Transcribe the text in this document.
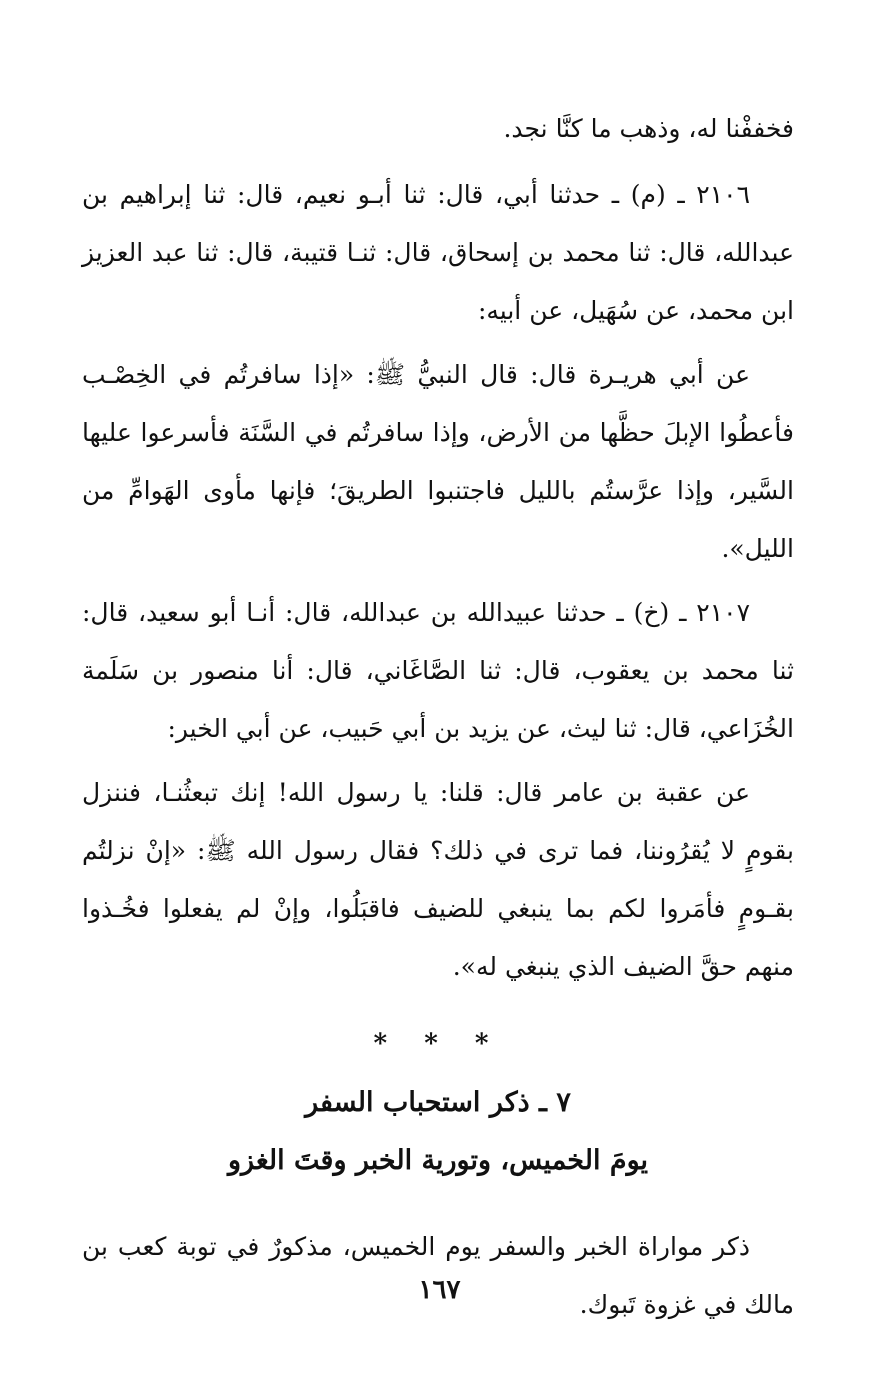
فخففْنا له، وذهب ما كنَّا نجد.

٢١٠٦ ـ (م) ـ حدثنا أبي، قال: ثنا أبـو نعيم، قال: ثنا إبراهيم بن عبدالله، قال: ثنا محمد بن إسحاق، قال: ثنـا قتيبة، قال: ثنا عبد العزيز ابن محمد، عن سُهَيل، عن أبيه:

عن أبي هريـرة قال: قال النبيُّ ﷺ: «إذا سافرتُم في الخِصْـب فأعطُوا الإبلَ حظَّها من الأرض، وإذا سافرتُم في السَّنَة فأسرعوا عليها السَّير، وإذا عرَّستُم بالليل فاجتنبوا الطريقَ؛ فإنها مأوى الهَوامِّ من الليل».

٢١٠٧ ـ (خ) ـ حدثنا عبيدالله بن عبدالله، قال: أنـا أبو سعيد، قال: ثنا محمد بن يعقوب، قال: ثنا الصَّاغَاني، قال: أنا منصور بن سَلَمة الخُزَاعي، قال: ثنا ليث، عن يزيد بن أبي حَبيب، عن أبي الخير:

عن عقبة بن عامر قال: قلنا: يا رسول الله! إنك تبعثُنـا، فننزل بقومٍ لا يُقرُوننا، فما ترى في ذلك؟ فقال رسول الله ﷺ: «إنْ نزلتُم بقـومٍ فأمَروا لكم بما ينبغي للضيف فاقبَلُوا، وإنْ لم يفعلوا فخُـذوا منهم حقَّ الضيف الذي ينبغي له».

* * *
٧ ـ ذكر استحباب السفر
يومَ الخميس، وتورية الخبر وقتَ الغزو

ذكر مواراة الخبر والسفر يوم الخميس، مذكورٌ في توبة كعب بن مالك في غزوة تَبوك.

١٦٧
